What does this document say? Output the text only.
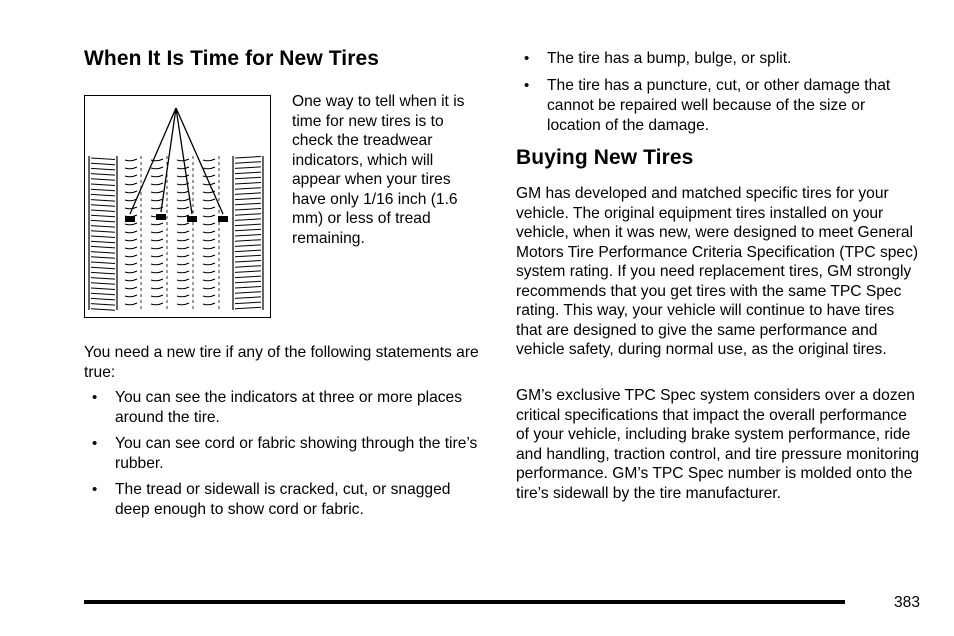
When It Is Time for New Tires

One way to tell when it is time for new tires is to check the treadwear indicators, which will appear when your tires have only 1/16 inch (1.6 mm) or less of tread remaining.

You need a new tire if any of the following statements are true:

• You can see the indicators at three or more places around the tire.
• You can see cord or fabric showing through the tire’s rubber.
• The tread or sidewall is cracked, cut, or snagged deep enough to show cord or fabric.
• The tire has a bump, bulge, or split.
• The tire has a puncture, cut, or other damage that cannot be repaired well because of the size or location of the damage.
Buying New Tires

GM has developed and matched specific tires for your vehicle. The original equipment tires installed on your vehicle, when it was new, were designed to meet General Motors Tire Performance Criteria Specification (TPC spec) system rating. If you need replacement tires, GM strongly recommends that you get tires with the same TPC Spec rating. This way, your vehicle will continue to have tires that are designed to give the same performance and vehicle safety, during normal use, as the original tires.

GM’s exclusive TPC Spec system considers over a dozen critical specifications that impact the overall performance of your vehicle, including brake system performance, ride and handling, traction control, and tire pressure monitoring performance. GM’s TPC Spec number is molded onto the tire’s sidewall by the tire manufacturer.

383
